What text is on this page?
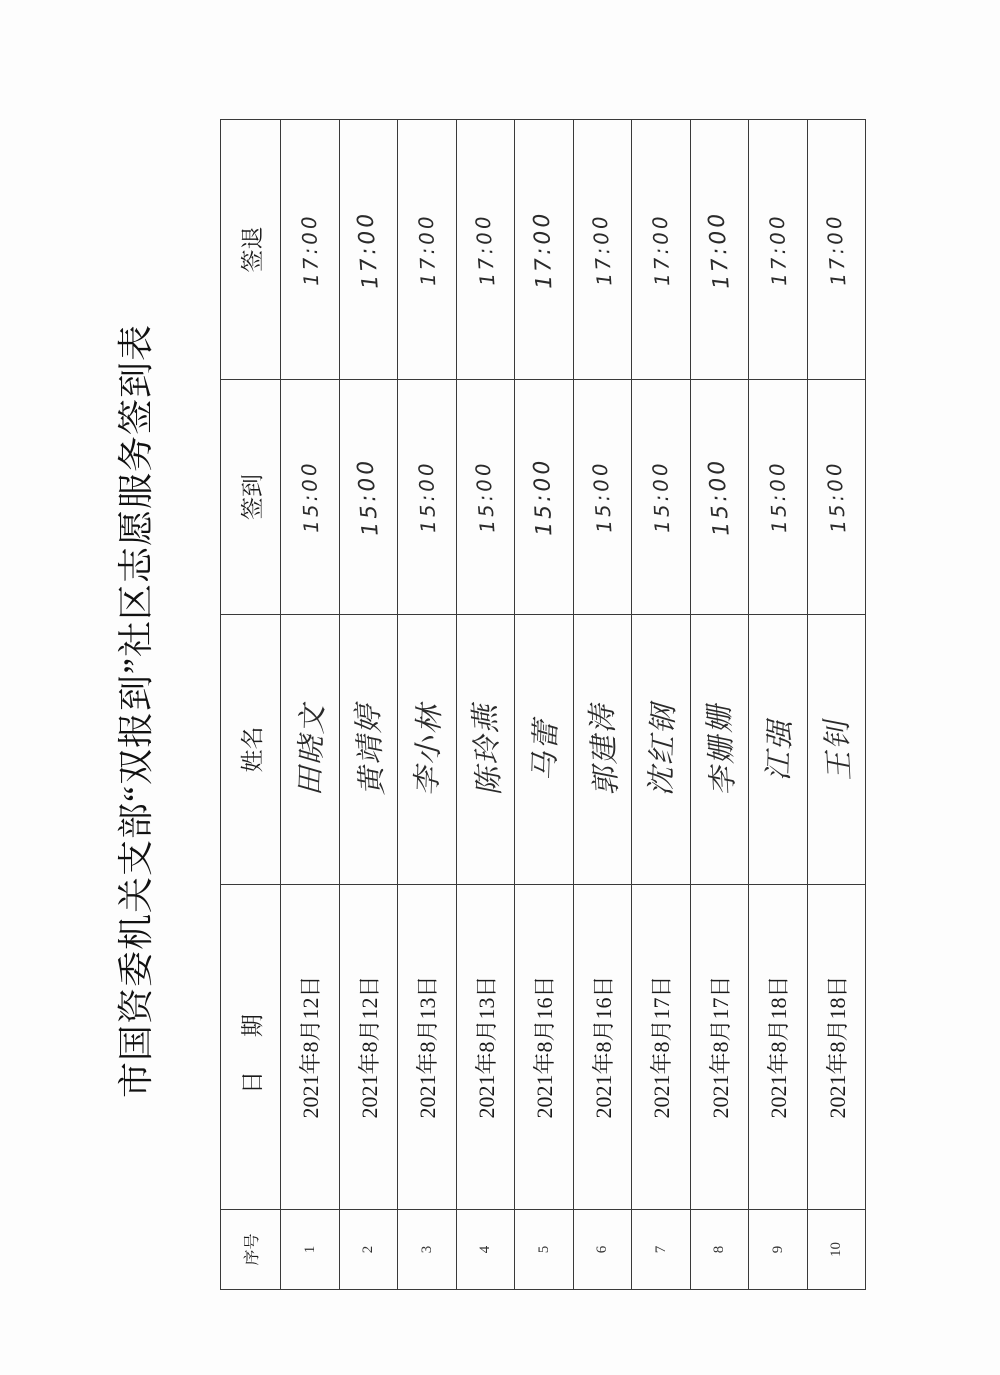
市国资委机关支部“双报到”社区志愿服务签到表
序号	日 期	姓名	签到	签退
1	2021年8月12日	田晓文	15:00	17:00
2	2021年8月12日	黄靖婷	15:00	17:00
3	2021年8月13日	李小林	15:00	17:00
4	2021年8月13日	陈玲燕	15:00	17:00
5	2021年8月16日	马蕾	15:00	17:00
6	2021年8月16日	郭建涛	15:00	17:00
7	2021年8月17日	沈红钢	15:00	17:00
8	2021年8月17日	李姗姗	15:00	17:00
9	2021年8月18日	江强	15:00	17:00
10	2021年8月18日	王钊	15:00	17:00
